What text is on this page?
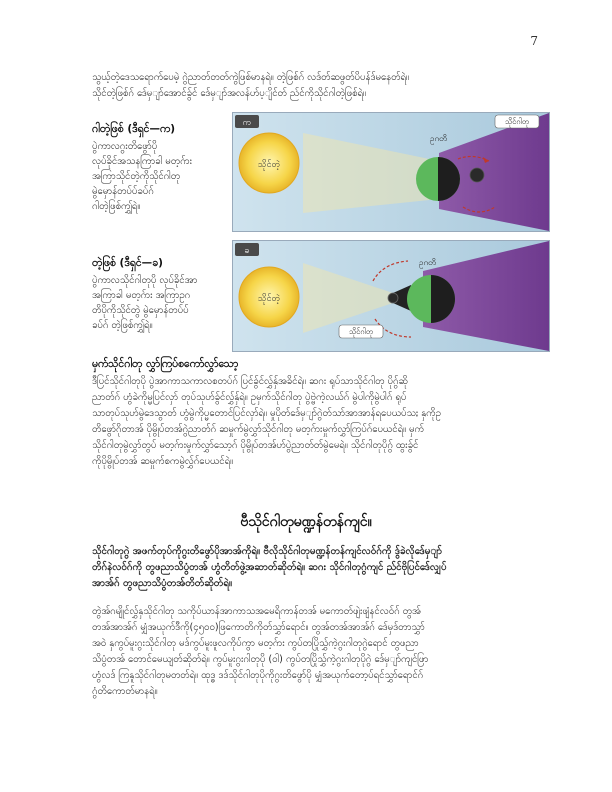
7
သွယ့်တဲ့ဒေသရောက်ပေမဲ့ ဂွဲညာတ်တတ်ကွဲဖြစ်မာနရဲ။ တဲ့ဖြစ်ဂ် လဒ်တ်ဆဖွတ်ပိပန်ဒ်မနေတ်ရဲ။
သိုင်တဲ့ဖြစ်ဂ် ဒ်ေမှျာ်အောင်ခွ်င် ဒ်ေမှျာ်အလန်ဟ်ပ့ျိင်တ် ည်င်ကိုသိုင်ဂါတဲ့ဖြစ်ရဲ။
ဂါတဲ့ဖြစ် (ဒီရှင်—က)
ပွဲကာလဂွးတိဖွော်ပို
လုပ်ခိုင်အသနကြာခါ မတ့ဂ်ား
အကြာသိုင်တဲ့ကိုသိုင်ဂါတု
မွဲမှောန်တပ်ပ်ခပ်ဂ်
ဂါတဲ့ဖြစ်ကျွှ်ရဲ။
သိုင်တဲ့
ဥဂတိ
သိုင်ဂါတု
က
တဲ့ဖြစ် (ဒီရှင်—ခ)
ပွဲကာလသိုင်ဂါတုပို လုပ်ခိုင်အာ
အကြာခါ မတ့ဂ်ား အကြာဥဂ
တိပိုကိုသိုင်တွဲ မွဲမှောန်တပ်ပ်
ခပ်ဂ် တဲ့ဖြစ်ကျွှ်ရဲ။
သိုင်တဲ့
ဥဂတိ
သိုင်ဂါတု
ခ
မှက်သိုင်ဂါတု လွှာ်ကြပ်စကော်လွှာ်သော့
ဒီပြင်သိုင်ဂါတုပို ပွဲအာကာသကာလစတပ်ဂ် ပြင်ခွ်င်လွှ်နှ်အခိင်ရဲ။ ဆဂး ရုပ်သာသိုင်ဂါတု ပိုဂွ်ဆို
ညာတ်ဂ် ဟွံခဲကိုမ္မပြင်လှာ် တုပ်သုဟ်ခွ်င်လွှ်နှ်ရဲ။ ဥမှက်သိုင်ဂါတု ပွဲဗ္ဗဲကဲ့လယ်ဂ် မွဲပါကိုမွဲပါဂ် ရုပ်
သာတုပ်သုဟ်မွဲဒေသွာတ် ဟွံမွဲကိုပ္မတောင်ပြင်လှာ်ရဲ။ မှုပိုတ်ဒ်ေမှျာ်ဂွဲတ်သာ်အာအာန်ရပေယပ်သႏ နှကိုဥ
တိဖွော်ဂိုတာအ် ပိုမွိုပ်တအ်ဂွဲညာတ်ဂ် ဆမှုက်မွဲလွှာ်သိုင်ဂါတု မတ့ဂ်ားမှုက်လွှာ်ကြပ်ဂ်ပေယင်ရဲ။ မှက်
သိုင်ဂါတုမွဲလွှာ်တွပ် မတ့ဂ်ားမှုက်လွှာ်သော့ဂ် ပိုမွိုပ်တအ်ဟ်ပွဲညာတ်တ်မွဲမေရဲ။ သိုင်ဂါတုပိုဂွ် ထွးခွ်င်
ကိုပိုမွိုပ်တအ် ဆမှုက်စကမွဲလွှ်ဂ်ပေယင်ရဲ။
ဗီသိုင်ဂါတုမဏ္ဍန်တန်ကျင်။
သိုင်ဂါတုဂွဲ အဖက်တုပ်ကိုဂွးတိဖွော်ပိုအာအ်ကိုရဲ။ ဗီလိုသိုင်ဂါတုမဏ္ဍန်တန်ကျင်လဝ်ဂ်ကို ဒွ်ခဲလိုဒ်ေမှျာ်
တိဂ်နဲလဝ်ဂ်ကို တွဖညာသိပွံတအ် ဟွံတိတ်ဖွဲ့အဆာတ်ဆိုတ်ရဲ။ ဆဂး သိုင်ဂါတုဂွံကျင် ည်င်ဗိုပြင်ဒ်ေလျှပ်
အာအ်ဂ် တွဖညာသိပွံတအ်တိတ်ဆိုတ်ရဲ။
တွဲအ်ဂမျိုင်လွှ်နှသိုင်ဂါတု သကိုပ်ယာန်အာကာသအမေရိကာန်တအ် မကောတ်ဖျဲးဖျံနင်လဝ်ဂ် တွအ်
တအ်အာအ်ဂ် မျှံအယုက်ဒီကို(၄၅၀၀)ဖြကောတိကိုတ်သွှာ်ရောင်။ တွအ်တအ်အာအ်ဂ် ဒ်ေမှဒ်တာသွှာ်
အဝဲ နှကွပ်မူးဂွးသိုင်ဂါတု မဒ်ကွပ်မူးဖူလကိုပ်ကွာ မတ့ဂ်ား ကွပ်တပြိုသွှ်ကဲ့ဂွးဂါတုဂွဲရောင် တွဖညာ
သိပွံတအ် တောင်မေယျတ်ဆိုတ်ရဲ။ ကွပ်မူးဂွးဂါတုပို (ဝါ) ကွပ်တပြိုသွှ်ကဲ့ဂွးဂါတုပိုဂွဲ ဒ်ေမှျာ်ကျင်ဖြာ
ဟွံလဒ် ကြနူသိုင်ဂါတုမတတ်ရဲ။ ထုဒ္ဓ ဒဒ်သိုင်ဂါတုပိုကိုဂွးတိဖွော်ပို မျှံအယုက်တော့ပ်ရင်သွှာ်ရောင်ဂ်
ဂွံတိကောတ်မာနရဲ။
